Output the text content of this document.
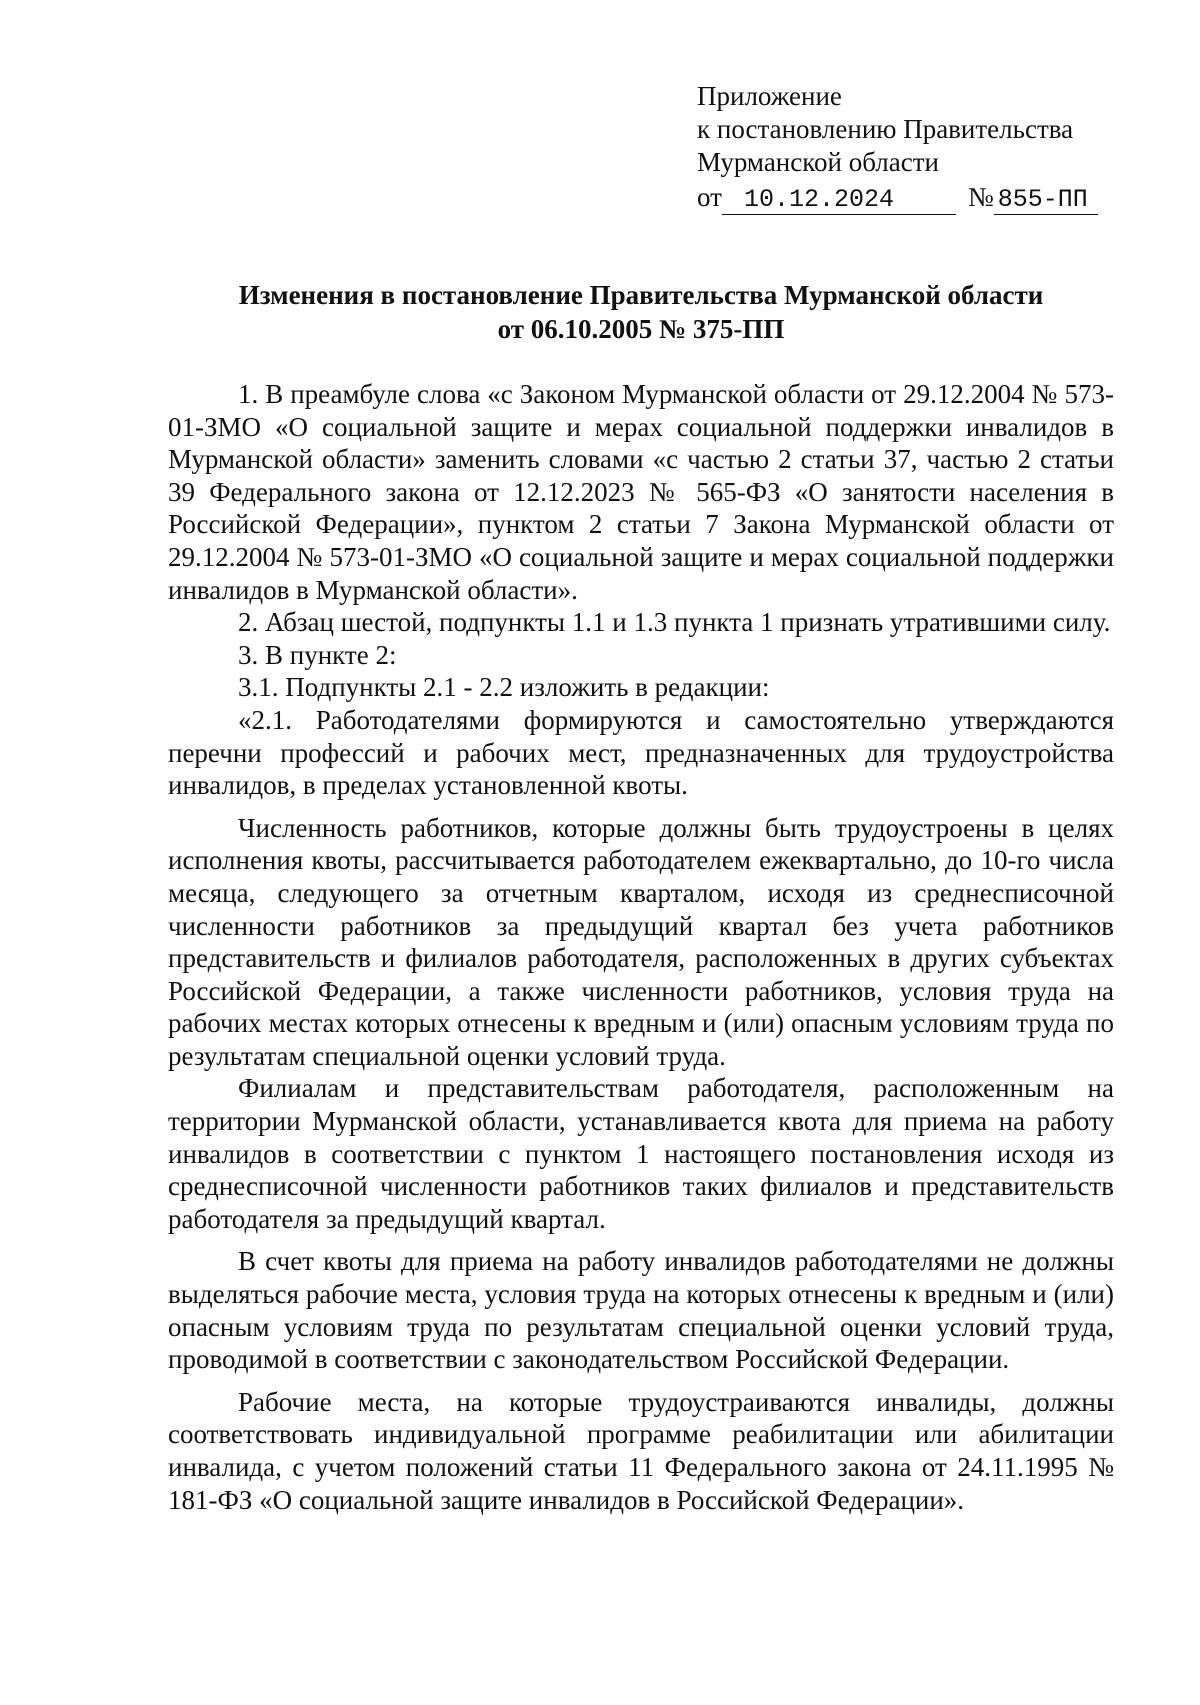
Приложение
к постановлению Правительства
Мурманской области
от 10.12.2024	№ 855-ПП
Изменения в постановление Правительства Мурманской области
от 06.10.2005 № 375-ПП

1. В преамбуле слова «с Законом Мурманской области от 29.12.2004 № 573-01-ЗМО «О социальной защите и мерах социальной поддержки инвалидов в Мурманской области» заменить словами «с частью 2 статьи 37, частью 2 статьи 39 Федерального закона от 12.12.2023 № 565-ФЗ «О занятости населения в Российской Федерации», пунктом 2 статьи 7 Закона Мурманской области от 29.12.2004 № 573-01-ЗМО «О социальной защите и мерах социальной поддержки инвалидов в Мурманской области».

2. Абзац шестой, подпункты 1.1 и 1.3 пункта 1 признать утратившими силу.

3. В пункте 2:

3.1. Подпункты 2.1 - 2.2 изложить в редакции:

«2.1. Работодателями формируются и самостоятельно утверждаются перечни профессий и рабочих мест, предназначенных для трудоустройства инвалидов, в пределах установленной квоты.

Численность работников, которые должны быть трудоустроены в целях исполнения квоты, рассчитывается работодателем ежеквартально, до 10-го числа месяца, следующего за отчетным кварталом, исходя из среднесписочной численности работников за предыдущий квартал без учета работников представительств и филиалов работодателя, расположенных в других субъектах Российской Федерации, а также численности работников, условия труда на рабочих местах которых отнесены к вредным и (или) опасным условиям труда по результатам специальной оценки условий труда.

Филиалам и представительствам работодателя, расположенным на территории Мурманской области, устанавливается квота для приема на работу инвалидов в соответствии с пунктом 1 настоящего постановления исходя из среднесписочной численности работников таких филиалов и представительств работодателя за предыдущий квартал.

В счет квоты для приема на работу инвалидов работодателями не должны выделяться рабочие места, условия труда на которых отнесены к вредным и (или) опасным условиям труда по результатам специальной оценки условий труда, проводимой в соответствии с законодательством Российской Федерации.

Рабочие места, на которые трудоустраиваются инвалиды, должны соответствовать индивидуальной программе реабилитации или абилитации инвалида, с учетом положений статьи 11 Федерального закона от 24.11.1995 № 181-ФЗ «О социальной защите инвалидов в Российской Федерации».
